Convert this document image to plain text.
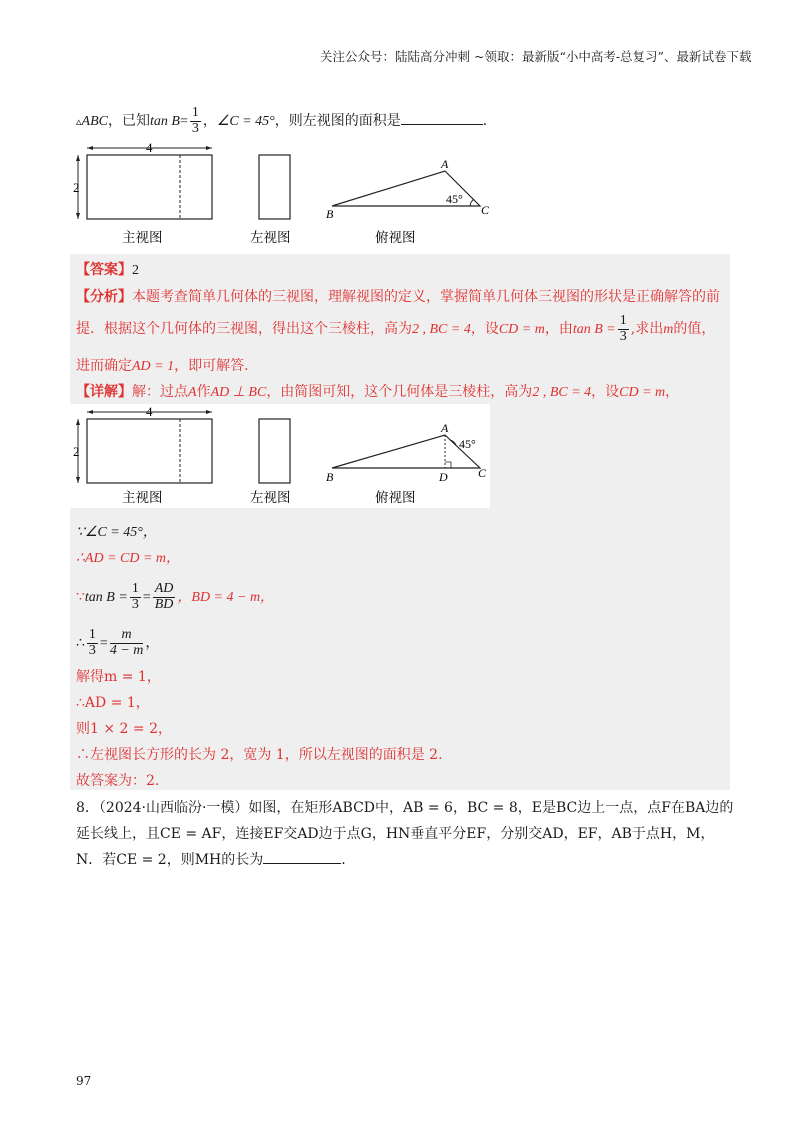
关注公众号：陆陆高分冲刺 ~领取：最新版“小中高考-总复习”、最新试卷下载
▵ABC，已知$\tan B= \frac{1}{3}$ ，∠C = 45°，则左视图的面积是	.
4
2
A
B	C
45°
主视图	左视图	俯视图
【答案】2
【分析】本题考查简单几何体的三视图，理解视图的定义，掌握简单几何体三视图的形状是正确解答的前
提．根据这个几何体的三视图，得出这个三棱柱，高为2 , BC = 4，设CD = m，由$\tan B = \frac{1}{3}$ ,求出m的值，
进而确定AD = 1，即可解答.
【详解】解：过点A作AD ⊥ BC，由简图可知，这个几何体是三棱柱，高为2 , BC = 4，设CD = m，
4
2
A
B	C
D
45°
主视图	左视图	俯视图
∵∠C = 45°，
∴AD = CD = m，
∵tan $B = \frac{1}{3} = \frac{AD}{BD}$ ，BD = 4 − m，
∴ $\frac{1}{3} = \frac{m}{4 - m}$ ，
解得m = 1，
∴AD = 1，
则1 × 2 = 2，
∴左视图长方形的长为 2，宽为 1，所以左视图的面积是 2.
故答案为：2.
8．（2024·山西临汾·一模）如图，在矩形ABCD中，AB = 6，BC = 8，E是BC边上一点，点F在BA边的
延长线上，且CE = AF，连接EF交AD边于点G，HN垂直平分EF，分别交AD，EF，AB于点H，M，
N．若CE = 2，则MH的长为	.
97
